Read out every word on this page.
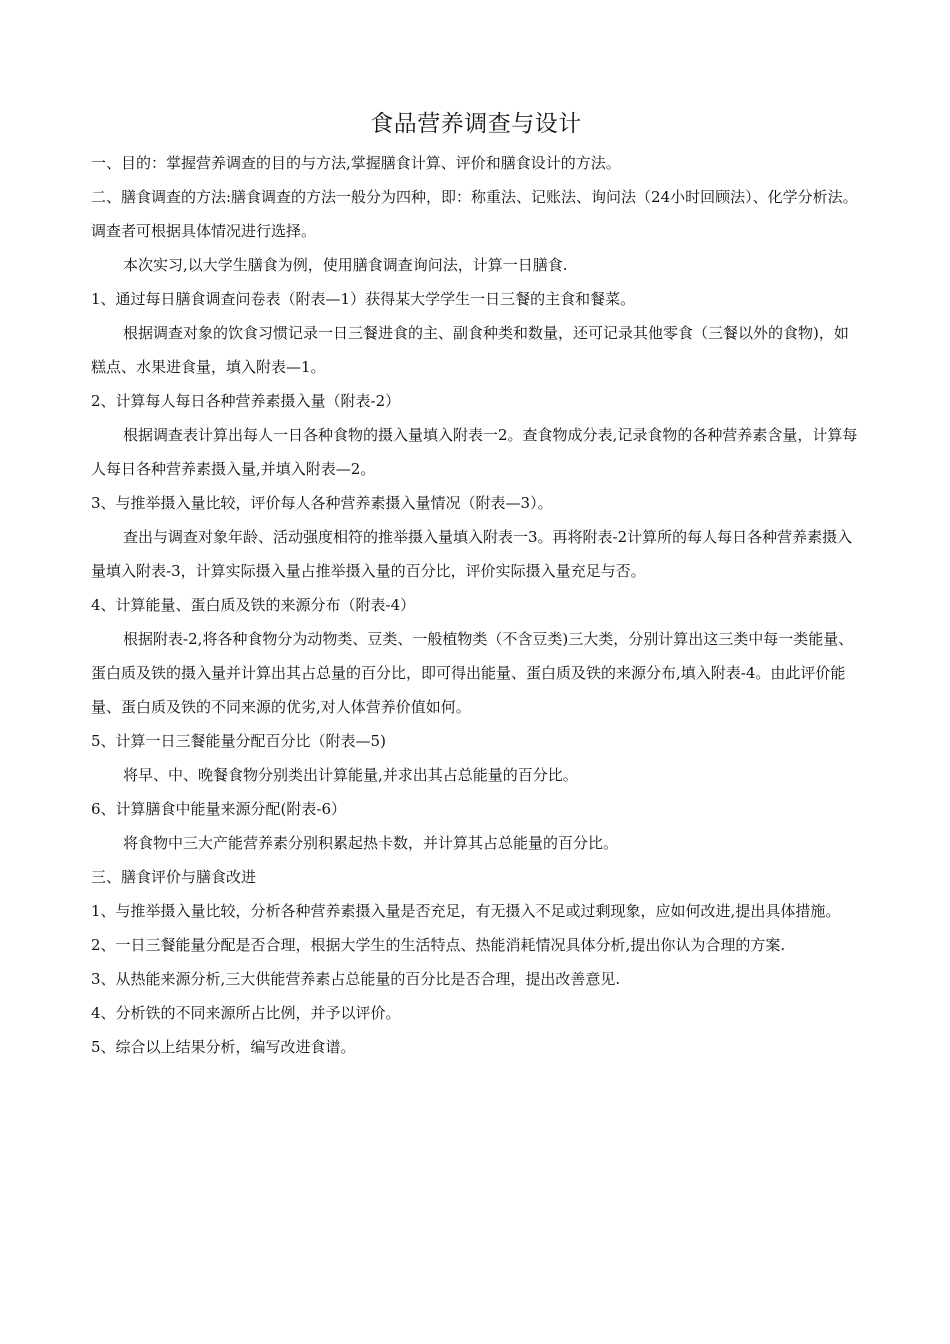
食品营养调查与设计

一、目的：掌握营养调查的目的与方法,掌握膳食计算、评价和膳食设计的方法。

二、膳食调查的方法:膳食调查的方法一般分为四种，即：称重法、记账法、询问法（24小时回顾法）、化学分析法。调查者可根据具体情况进行选择。

本次实习,以大学生膳食为例，使用膳食调查询问法，计算一日膳食.

1、通过每日膳食调查问卷表（附表—1）获得某大学学生一日三餐的主食和餐菜。

根据调查对象的饮食习惯记录一日三餐进食的主、副食种类和数量，还可记录其他零食（三餐以外的食物)，如糕点、水果进食量，填入附表—1。

2、计算每人每日各种营养素摄入量（附表-2）

根据调查表计算出每人一日各种食物的摄入量填入附表一2。查食物成分表,记录食物的各种营养素含量，计算每人每日各种营养素摄入量,并填入附表—2。

3、与推举摄入量比较，评价每人各种营养素摄入量情况（附表—3）。

查出与调查对象年龄、活动强度相符的推举摄入量填入附表一3。再将附表-2计算所的每人每日各种营养素摄入量填入附表-3，计算实际摄入量占推举摄入量的百分比，评价实际摄入量充足与否。

4、计算能量、蛋白质及铁的来源分布（附表-4）

根据附表-2,将各种食物分为动物类、豆类、一般植物类（不含豆类)三大类，分别计算出这三类中每一类能量、蛋白质及铁的摄入量并计算出其占总量的百分比，即可得出能量、蛋白质及铁的来源分布,填入附表-4。由此评价能量、蛋白质及铁的不同来源的优劣,对人体营养价值如何。

5、计算一日三餐能量分配百分比（附表—5)

将早、中、晚餐食物分别类出计算能量,并求出其占总能量的百分比。

6、计算膳食中能量来源分配(附表-6）

将食物中三大产能营养素分别积累起热卡数，并计算其占总能量的百分比。

三、膳食评价与膳食改进

1、与推举摄入量比较，分析各种营养素摄入量是否充足，有无摄入不足或过剩现象，应如何改进,提出具体措施。

2、一日三餐能量分配是否合理，根据大学生的生活特点、热能消耗情况具体分析,提出你认为合理的方案.

3、从热能来源分析,三大供能营养素占总能量的百分比是否合理，提出改善意见.

4、分析铁的不同来源所占比例，并予以评价。

5、综合以上结果分析，编写改进食谱。
